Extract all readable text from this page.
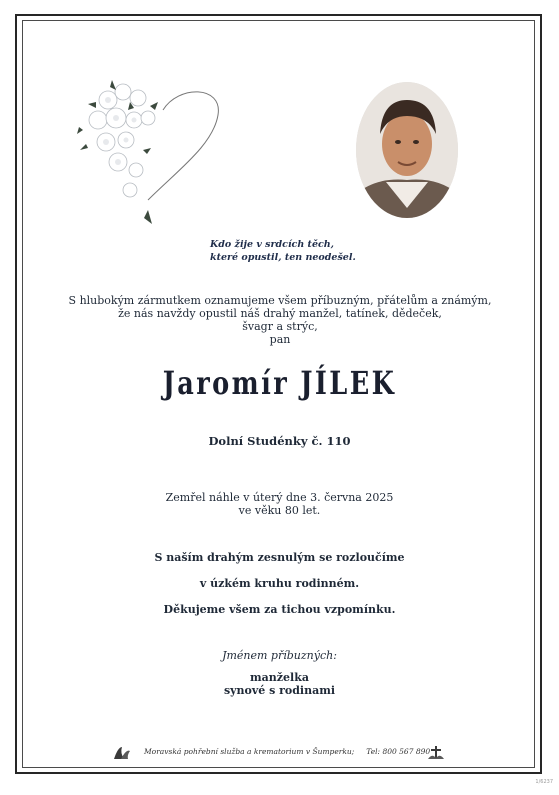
Kdo žije v srdcích těch,
které opustil, ten neodešel.
S hlubokým zármutkem oznamujeme všem příbuzným, přátelům a známým,
že nás navždy opustil náš drahý manžel, tatínek, dědeček,
švagr a strýc,
pan
Jaromír JÍLEK
Dolní Studénky č. 110
Zemřel náhle v úterý dne 3. června 2025
ve věku 80 let.
S naším drahým zesnulým se rozloučíme
v úzkém kruhu rodinném.
Děkujeme všem za tichou vzpomínku.
Jménem příbuzných:
manželka
synové s rodinami
Moravská pohřební služba a krematorium v Šumperku; Tel: 800 567 890
1/6237
